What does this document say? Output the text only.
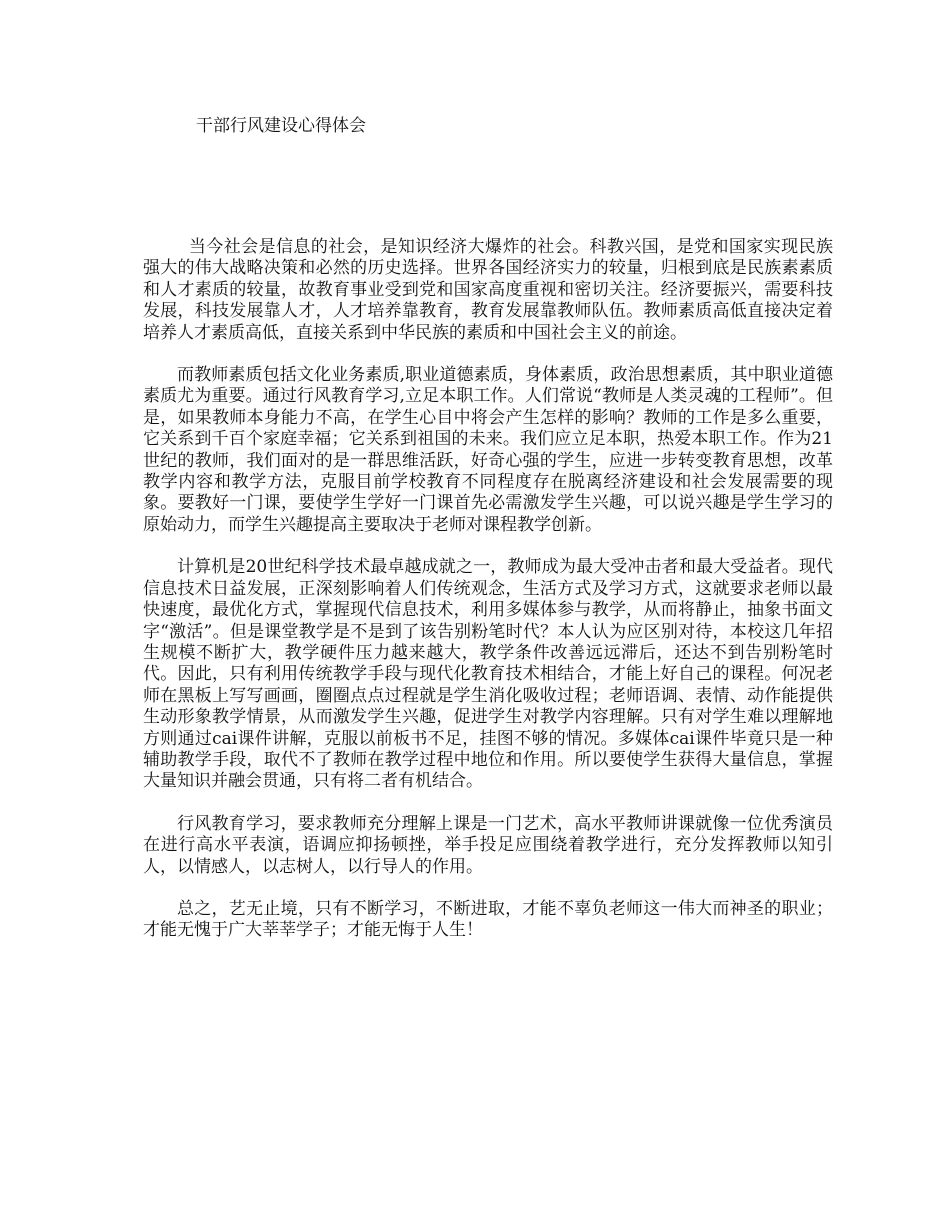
干部行风建设心得体会

当今社会是信息的社会，是知识经济大爆炸的社会。科教兴国，是党和国家实现民族强大的伟大战略决策和必然的历史选择。世界各国经济实力的较量，归根到底是民族素素质和人才素质的较量，故教育事业受到党和国家高度重视和密切关注。经济要振兴，需要科技发展，科技发展靠人才，人才培养靠教育，教育发展靠教师队伍。教师素质高低直接决定着培养人才素质高低，直接关系到中华民族的素质和中国社会主义的前途。

而教师素质包括文化业务素质,职业道德素质，身体素质，政治思想素质，其中职业道德素质尤为重要。通过行风教育学习,立足本职工作。人们常说“教师是人类灵魂的工程师”。但是，如果教师本身能力不高，在学生心目中将会产生怎样的影响？教师的工作是多么重要，它关系到千百个家庭幸福；它关系到祖国的未来。我们应立足本职，热爱本职工作。作为21世纪的教师，我们面对的是一群思维活跃，好奇心强的学生，应进一步转变教育思想，改革教学内容和教学方法，克服目前学校教育不同程度存在脱离经济建设和社会发展需要的现象。要教好一门课，要使学生学好一门课首先必需激发学生兴趣，可以说兴趣是学生学习的原始动力，而学生兴趣提高主要取决于老师对课程教学创新。

计算机是20世纪科学技术最卓越成就之一，教师成为最大受冲击者和最大受益者。现代信息技术日益发展，正深刻影响着人们传统观念，生活方式及学习方式，这就要求老师以最快速度，最优化方式，掌握现代信息技术，利用多媒体参与教学，从而将静止，抽象书面文字“激活”。但是课堂教学是不是到了该告别粉笔时代？本人认为应区别对待，本校这几年招生规模不断扩大，教学硬件压力越来越大，教学条件改善远远滞后，还达不到告别粉笔时代。因此，只有利用传统教学手段与现代化教育技术相结合，才能上好自己的课程。何况老师在黑板上写写画画，圈圈点点过程就是学生消化吸收过程；老师语调、表情、动作能提供生动形象教学情景，从而激发学生兴趣，促进学生对教学内容理解。只有对学生难以理解地方则通过cai课件讲解，克服以前板书不足，挂图不够的情况。多媒体cai课件毕竟只是一种辅助教学手段，取代不了教师在教学过程中地位和作用。所以要使学生获得大量信息，掌握大量知识并融会贯通，只有将二者有机结合。

行风教育学习，要求教师充分理解上课是一门艺术，高水平教师讲课就像一位优秀演员在进行高水平表演，语调应抑扬顿挫，举手投足应围绕着教学进行，充分发挥教师以知引人，以情感人，以志树人，以行导人的作用。

总之，艺无止境，只有不断学习，不断进取，才能不辜负老师这一伟大而神圣的职业；才能无愧于广大莘莘学子；才能无悔于人生！
